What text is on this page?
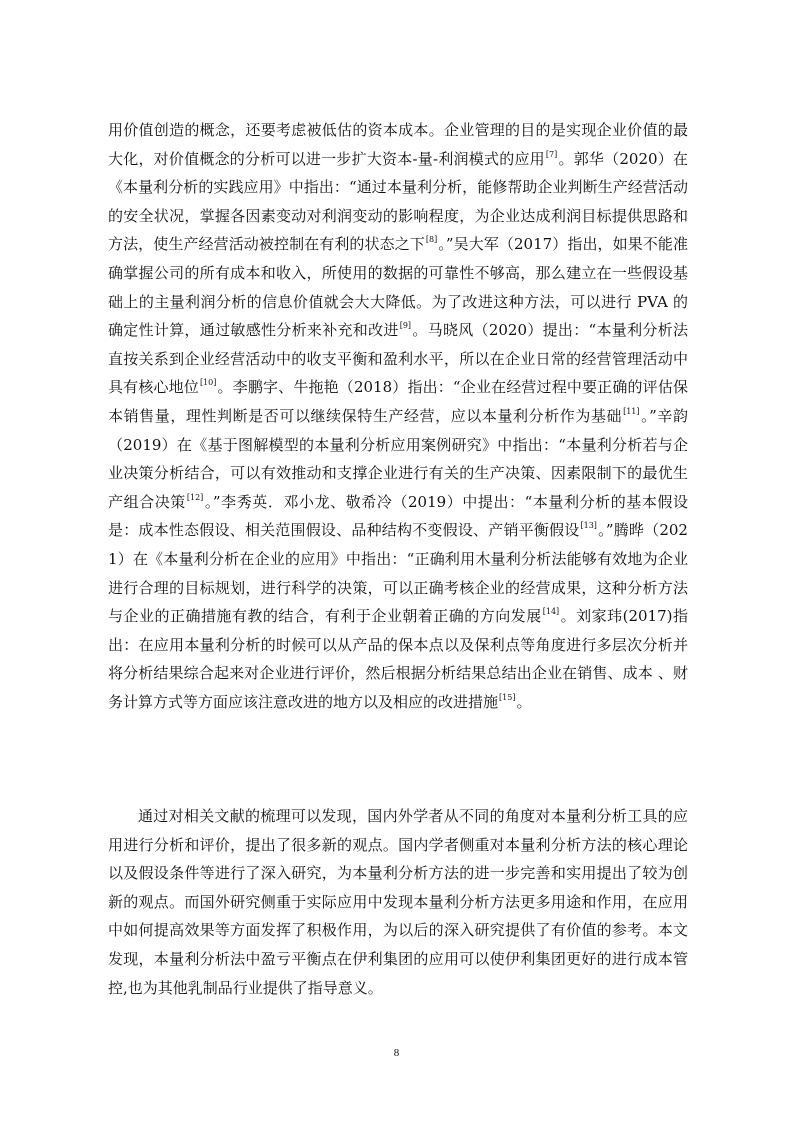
用价值创造的概念，还要考虑被低估的资本成本。企业管理的目的是实现企业价值的最大化，对价值概念的分析可以进一步扩大资本-量-利润模式的应用[7]。郭华（2020）在《本量利分析的实践应用》中指出：“通过本量利分析，能修帮助企业判断生产经营活动的安全状况，掌握各因素变动对利润变动的影响程度，为企业达成利润目标提供思路和方法，使生产经营活动被控制在有利的状态之下[8]。”吴大军（2017）指出，如果不能准确掌握公司的所有成本和收入，所使用的数据的可靠性不够高，那么建立在一些假设基础上的主量利润分析的信息价值就会大大降低。为了改进这种方法，可以进行 PVA 的确定性计算，通过敏感性分析来补充和改进[9]。马晓风（2020）提出：“本量利分析法直按关系到企业经营活动中的收支平衡和盈利水平，所以在企业日常的经营管理活动中具有核心地位[10]。李鹏字、牛拖艳（2018）指出：“企业在经营过程中要正确的评估保本销售量，理性判断是否可以继续保特生产经营，应以本量利分析作为基础[11]。”辛韵（2019）在《基于图解模型的本量利分析应用案例研究》中指出：“本量利分析若与企业决策分析结合，可以有效推动和支撑企业进行有关的生产决策、因素限制下的最优生产组合决策[12]。”李秀英．邓小龙、敬希冷（2019）中提出：“本量利分析的基本假设是：成本性态假设、相关范围假设、品种结构不变假设、产销平衡假设[13]。”腾晔（2021）在《本量利分析在企业的应用》中指出：“正确利用木量利分析法能够有效地为企业进行合理的目标规划，进行科学的决策，可以正确考核企业的经营成果，这种分析方法与企业的正确措施有教的结合，有利于企业朝着正确的方向发展[14]。刘家玮(2017)指出：在应用本量利分析的时候可以从产品的保本点以及保利点等角度进行多层次分析并将分析结果综合起来对企业进行评价，然后根据分析结果总结出企业在销售、成本 、财务计算方式等方面应该注意改进的地方以及相应的改进措施[15]。

通过对相关文献的梳理可以发现，国内外学者从不同的角度对本量利分析工具的应用进行分析和评价，提出了很多新的观点。国内学者侧重对本量利分析方法的核心理论以及假设条件等进行了深入研究，为本量利分析方法的进一步完善和实用提出了较为创新的观点。而国外研究侧重于实际应用中发现本量利分析方法更多用途和作用，在应用中如何提高效果等方面发挥了积极作用，为以后的深入研究提供了有价值的参考。本文发现，本量利分析法中盈亏平衡点在伊利集团的应用可以使伊利集团更好的进行成本管控,也为其他乳制品行业提供了指导意义。

8
